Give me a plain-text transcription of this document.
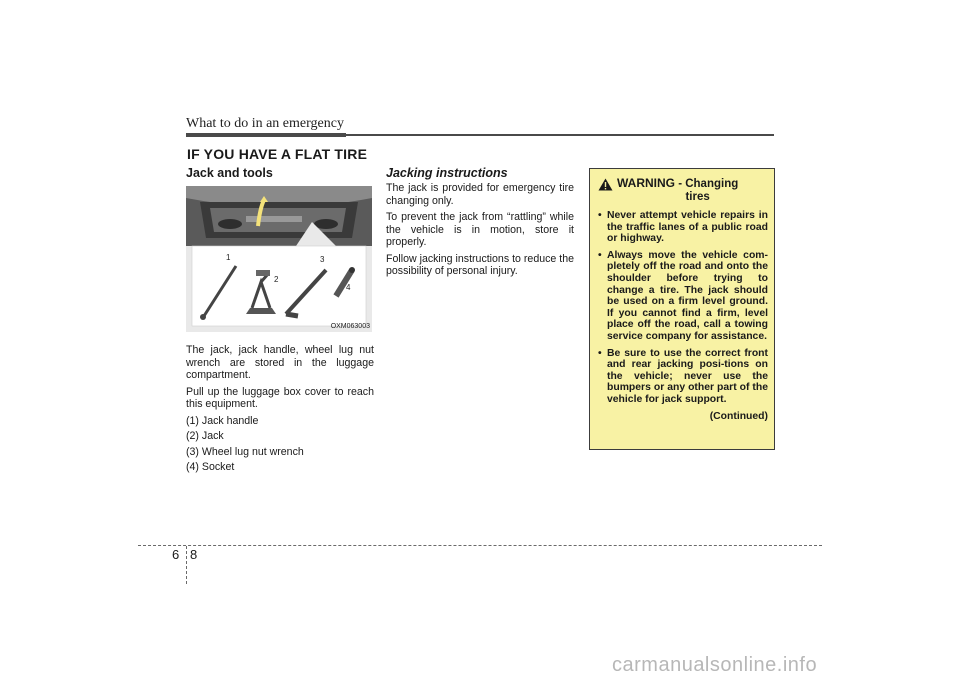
What to do in an emergency
IF YOU HAVE A FLAT TIRE
Jack and tools
1
2
3
4
OXM063003

The jack, jack handle, wheel lug nut wrench are stored in the luggage compartment.

Pull up the luggage box cover to reach this equipment.

(1) Jack handle
(2) Jack
(3) Wheel lug nut wrench
(4) Socket
Jacking instructions

The jack is provided for emergency tire changing only.

To prevent the jack from “rattling” while the vehicle is in motion, store it properly.

Follow jacking instructions to reduce the possibility of personal injury.

WARNING - Changing
tires
• Never attempt vehicle repairs in the traffic lanes of a public road or highway.
• Always move the vehicle com-pletely off the road and onto the shoulder before trying to change a tire. The jack should be used on a firm level ground. If you cannot find a firm, level place off the road, call a towing service company for assistance.
• Be sure to use the correct front and rear jacking posi-tions on the vehicle; never use the bumpers or any other part of the vehicle for jack support.
(Continued)
6 8
carmanualsonline.info
